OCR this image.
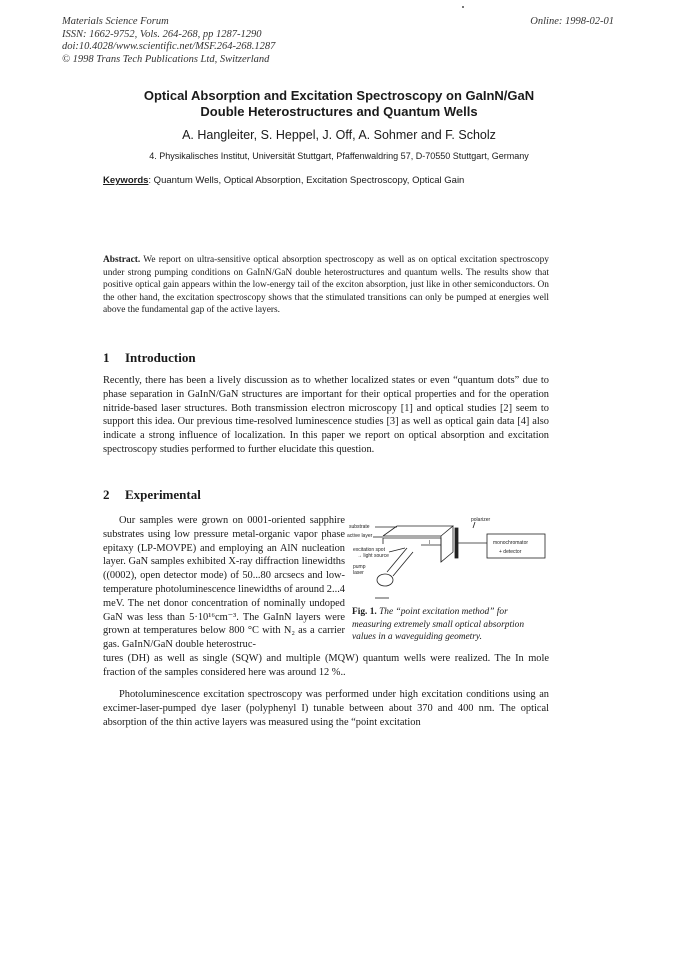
Materials Science Forum
ISSN: 1662-9752, Vols. 264-268, pp 1287-1290
doi:10.4028/www.scientific.net/MSF.264-268.1287
© 1998 Trans Tech Publications Ltd, Switzerland
Online: 1998-02-01
Optical Absorption and Excitation Spectroscopy on GaInN/GaN
Double Heterostructures and Quantum Wells
A. Hangleiter, S. Heppel, J. Off, A. Sohmer and F. Scholz
4. Physikalisches Institut, Universität Stuttgart, Pfaffenwaldring 57, D-70550 Stuttgart, Germany
Keywords: Quantum Wells, Optical Absorption, Excitation Spectroscopy, Optical Gain
Abstract. We report on ultra-sensitive optical absorption spectroscopy as well as on optical excitation spectroscopy under strong pumping conditions on GaInN/GaN double heterostructures and quantum wells. The results show that positive optical gain appears within the low-energy tail of the exciton absorption, just like in other semiconductors. On the other hand, the excitation spectroscopy shows that the stimulated transitions can only be pumped at energies well above the fundamental gap of the active layers.
1 Introduction
Recently, there has been a lively discussion as to whether localized states or even “quantum dots” due to phase separation in GaInN/GaN structures are important for their optical properties and for the operation nitride-based laser structures. Both transmission electron microscopy [1] and optical studies [2] seem to support this idea. Our previous time-resolved luminescence studies [3] as well as optical gain data [4] also indicate a strong influence of localization. In this paper we report on optical absorption and excitation spectroscopy studies performed to further elucidate this question.
2 Experimental
Our samples were grown on 0001-oriented sapphire substrates using low pressure metal-organic vapor phase epitaxy (LP-MOVPE) and employing an AlN nucleation layer. GaN samples exhibited X-ray diffraction linewidths ((0002), open detector mode) of 50...80 arcsecs and low-temperature photoluminescence linewidths of around 2...4 meV. The net donor concentration of nominally undoped GaN was less than 5·10¹⁶cm⁻³. The GaInN layers were grown at temperatures below 800 °C with N₂ as a carrier gas. GaInN/GaN double heterostruc-
substrate
active layer
excitation spot
→ light source
pump
laser
l
polarizer
monochromator
+ detector
Fig. 1. The “point excitation method” for measuring extremely small optical absorption values in a waveguiding geometry.
tures (DH) as well as single (SQW) and multiple (MQW) quantum wells were realized. The In mole fraction of the samples considered here was around 12 %..
Photoluminescence excitation spectroscopy was performed under high excitation conditions using an excimer-laser-pumped dye laser (polyphenyl I) tunable between about 370 and 400 nm. The optical absorption of the thin active layers was measured using the “point excitation
